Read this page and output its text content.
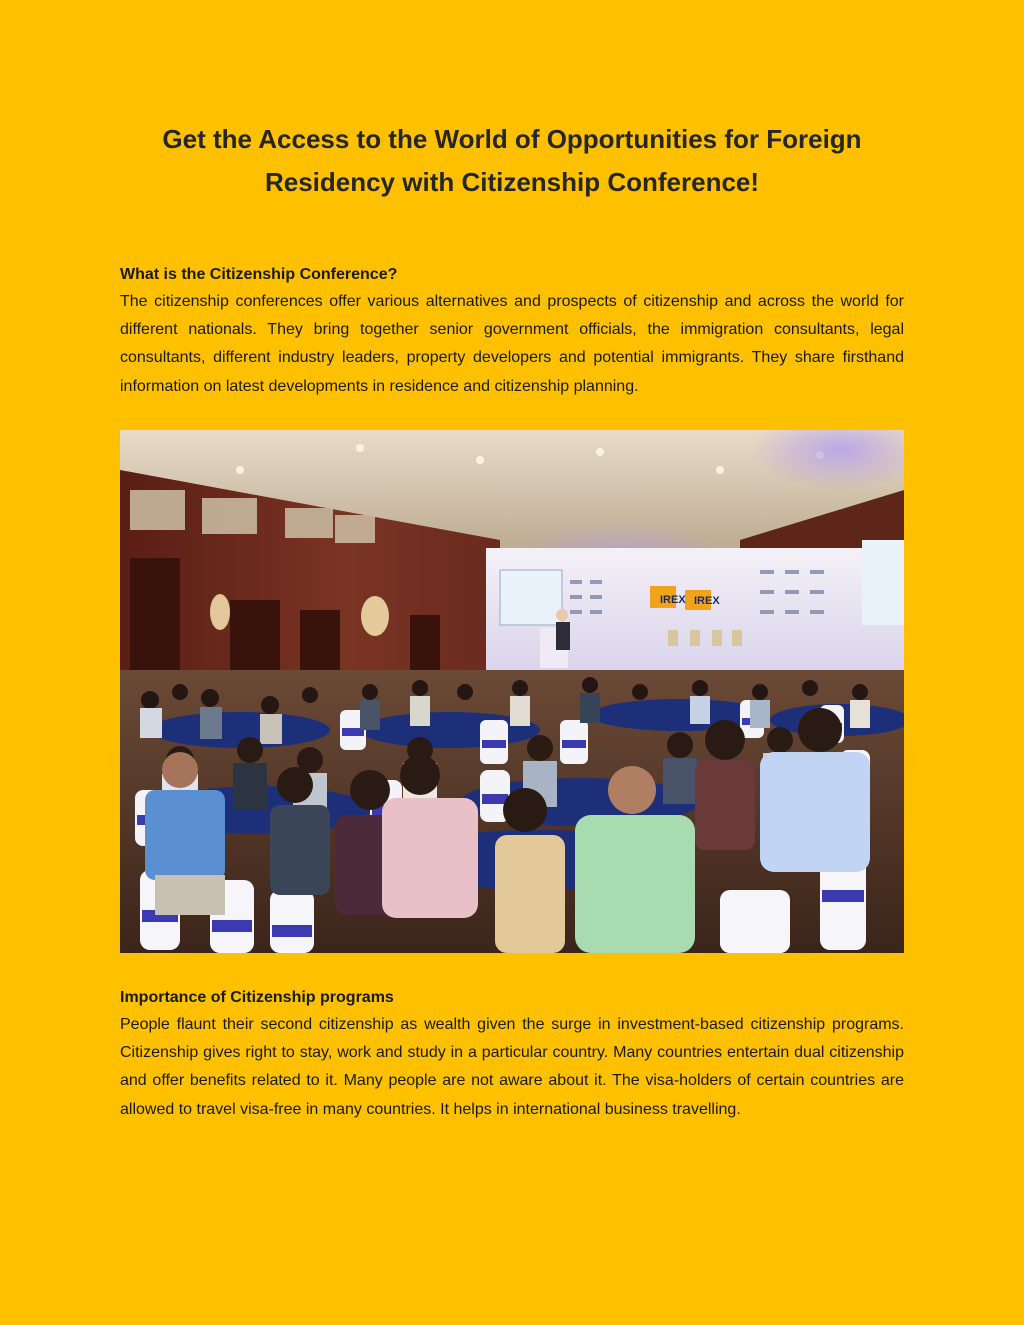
Get the Access to the World of Opportunities for Foreign Residency with Citizenship Conference!
What is the Citizenship Conference?

The citizenship conferences offer various alternatives and prospects of citizenship and across the world for different nationals. They bring together senior government officials, the immigration consultants, legal consultants, different industry leaders, property developers and potential immigrants. They share firsthand information on latest developments in residence and citizenship planning.

IREX IREX
Importance of Citizenship programs

People flaunt their second citizenship as wealth given the surge in investment-based citizenship programs. Citizenship gives right to stay, work and study in a particular country. Many countries entertain dual citizenship and offer benefits related to it. Many people are not aware about it. The visa-holders of certain countries are allowed to travel visa-free in many countries. It helps in international business travelling.
